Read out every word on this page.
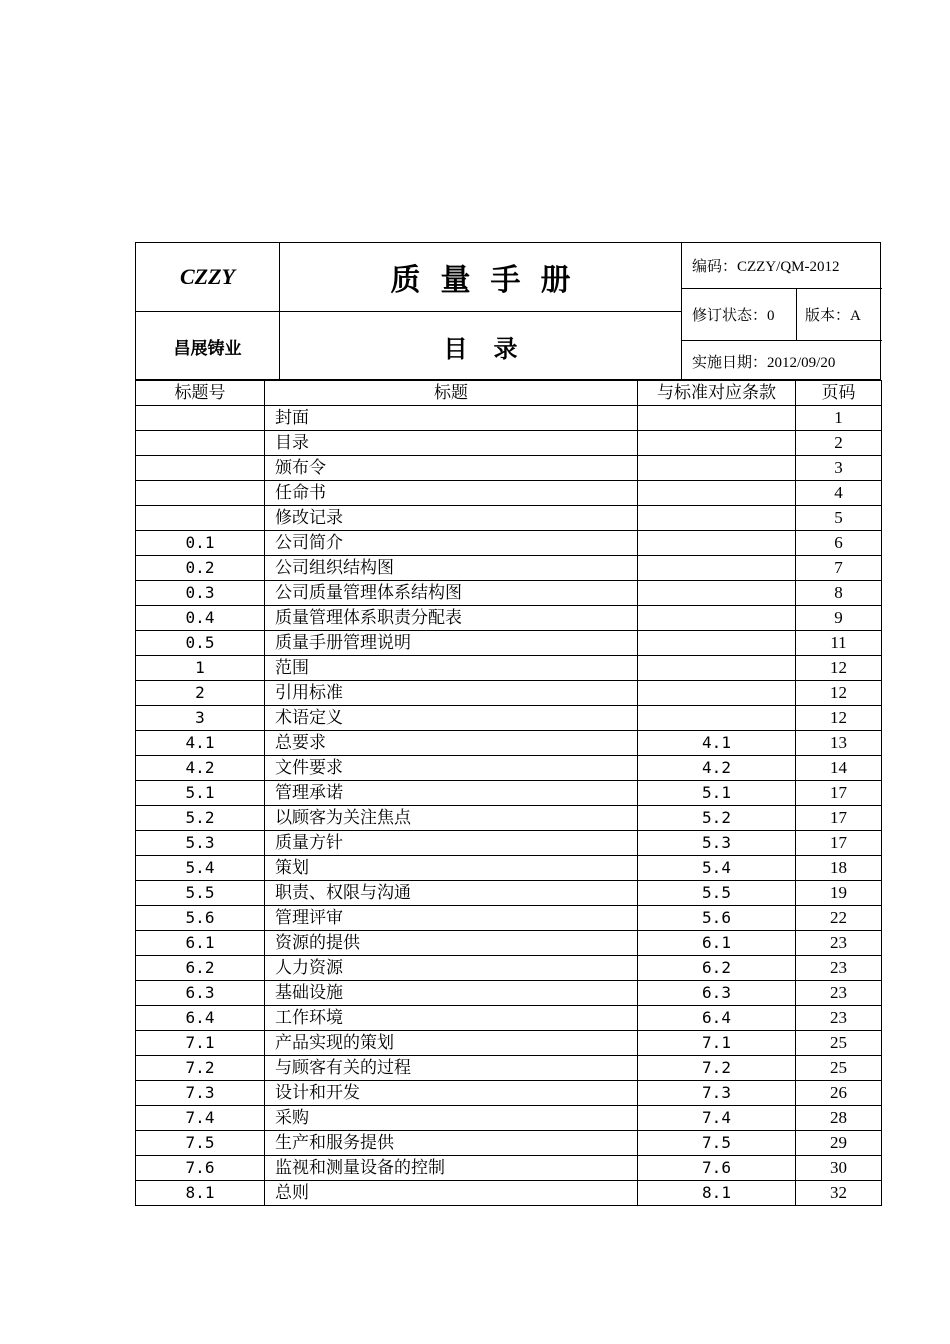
CZZY
昌展铸业
质量手册
目录
编码：CZZY/QM-2012
修订状态：0	版本：A
实施日期：2012/09/20
标题号	标题	与标准对应条款	页码
	封面		1
	目录		2
	颁布令		3
	任命书		4
	修改记录		5
0.1	公司简介		6
0.2	公司组织结构图		7
0.3	公司质量管理体系结构图		8
0.4	质量管理体系职责分配表		9
0.5	质量手册管理说明		11
1	范围		12
2	引用标准		12
3	术语定义		12
4.1	总要求	4.1	13
4.2	文件要求	4.2	14
5.1	管理承诺	5.1	17
5.2	以顾客为关注焦点	5.2	17
5.3	质量方针	5.3	17
5.4	策划	5.4	18
5.5	职责、权限与沟通	5.5	19
5.6	管理评审	5.6	22
6.1	资源的提供	6.1	23
6.2	人力资源	6.2	23
6.3	基础设施	6.3	23
6.4	工作环境	6.4	23
7.1	产品实现的策划	7.1	25
7.2	与顾客有关的过程	7.2	25
7.3	设计和开发	7.3	26
7.4	采购	7.4	28
7.5	生产和服务提供	7.5	29
7.6	监视和测量设备的控制	7.6	30
8.1	总则	8.1	32
